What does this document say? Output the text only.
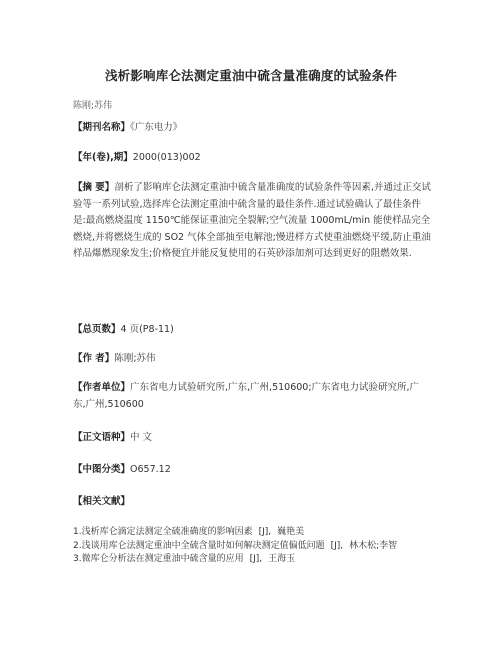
浅析影响库仑法测定重油中硫含量准确度的试验条件
陈刚;苏伟
【期刊名称】《广东电力》
【年(卷),期】2000(013)002
【摘 要】剖析了影响库仑法测定重油中硫含量准确度的试验条件等因素,并通过正交试验等一系列试验,选择库仑法测定重油中硫含量的最佳条件.通过试验确认了最佳条件是:最高燃烧温度 1150℃能保证重油完全裂解;空气流量 1000mL/min 能使样品完全燃烧,并将燃烧生成的 SO2 气体全部抽至电解池;慢进样方式使重油燃烧平缓,防止重油样品爆燃现象发生;价格便宜并能反复使用的石英砂添加剂可达到更好的阻燃效果.
【总页数】4 页(P8-11)
【作 者】陈刚;苏伟
【作者单位】广东省电力试验研究所,广东,广州,510600;广东省电力试验研究所,广东,广州,510600
【正文语种】中 文
【中图分类】O657.12
【相关文献】
1.浅析库仑滴定法测定全硫准确度的影响因素 [J], 巍艳美
2.浅谈用库仑法测定重油中全硫含量时如何解决测定值偏低问题 [J], 林木松;李智
3.微库仑分析法在测定重油中硫含量的应用 [J], 王海玉
